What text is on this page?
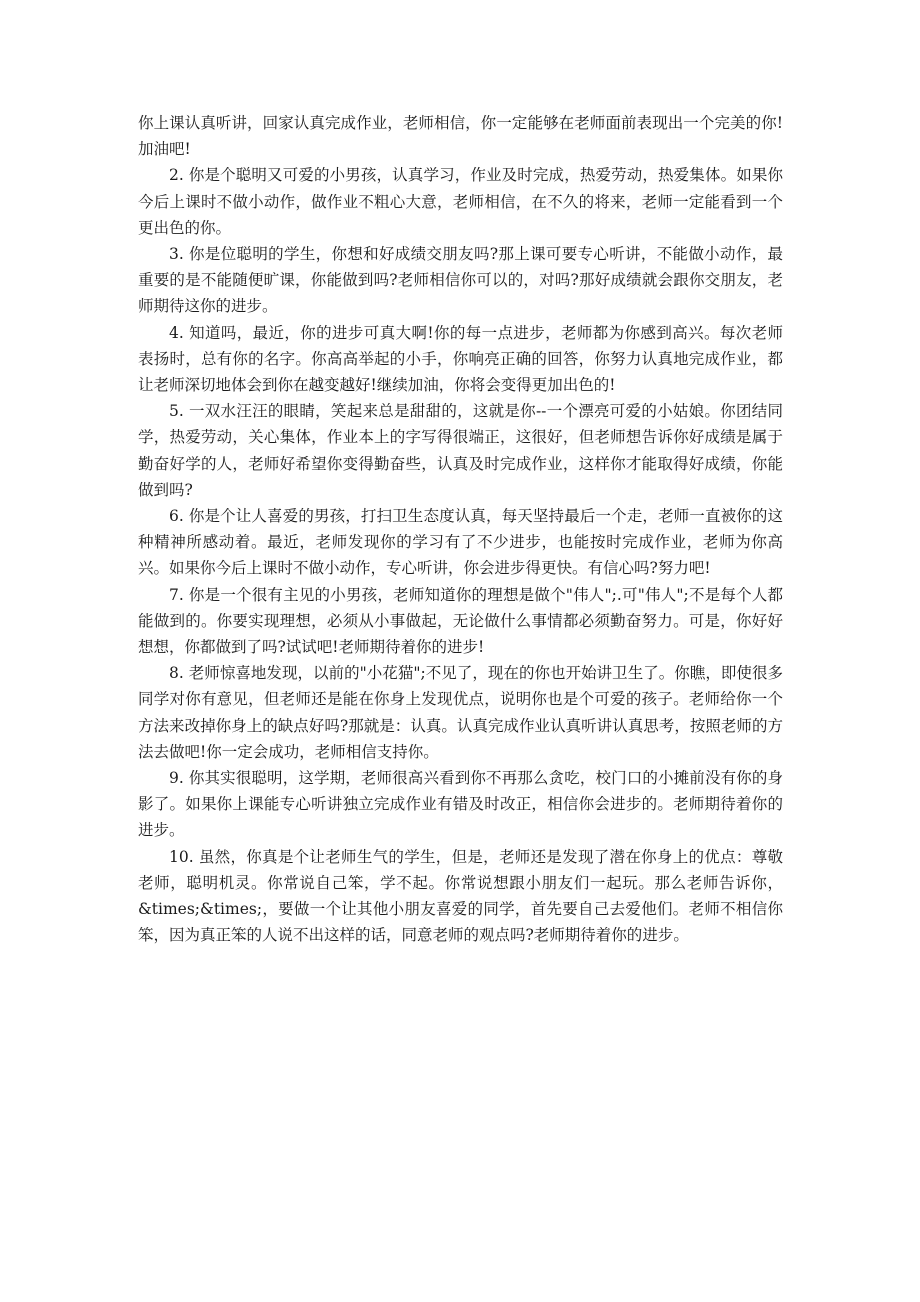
你上课认真听讲，回家认真完成作业，老师相信，你一定能够在老师面前表现出一个完美的你!加油吧!

2. 你是个聪明又可爱的小男孩，认真学习，作业及时完成，热爱劳动，热爱集体。如果你今后上课时不做小动作，做作业不粗心大意，老师相信，在不久的将来，老师一定能看到一个更出色的你。

3. 你是位聪明的学生，你想和好成绩交朋友吗?那上课可要专心听讲，不能做小动作，最重要的是不能随便旷课，你能做到吗?老师相信你可以的，对吗?那好成绩就会跟你交朋友，老师期待这你的进步。

4. 知道吗，最近，你的进步可真大啊!你的每一点进步，老师都为你感到高兴。每次老师表扬时，总有你的名字。你高高举起的小手，你响亮正确的回答，你努力认真地完成作业，都让老师深切地体会到你在越变越好!继续加油，你将会变得更加出色的!

5. 一双水汪汪的眼睛，笑起来总是甜甜的，这就是你--一个漂亮可爱的小姑娘。你团结同学，热爱劳动，关心集体，作业本上的字写得很端正，这很好，但老师想告诉你好成绩是属于勤奋好学的人，老师好希望你变得勤奋些，认真及时完成作业，这样你才能取得好成绩，你能做到吗?

6. 你是个让人喜爱的男孩，打扫卫生态度认真，每天坚持最后一个走，老师一直被你的这种精神所感动着。最近，老师发现你的学习有了不少进步，也能按时完成作业，老师为你高兴。如果你今后上课时不做小动作，专心听讲，你会进步得更快。有信心吗?努力吧!

7. 你是一个很有主见的小男孩，老师知道你的理想是做个"伟人";.可"伟人";不是每个人都能做到的。你要实现理想，必须从小事做起，无论做什么事情都必须勤奋努力。可是，你好好想想，你都做到了吗?试试吧!老师期待着你的进步!

8. 老师惊喜地发现，以前的"小花猫";不见了，现在的你也开始讲卫生了。你瞧，即使很多同学对你有意见，但老师还是能在你身上发现优点，说明你也是个可爱的孩子。老师给你一个方法来改掉你身上的缺点好吗?那就是：认真。认真完成作业认真听讲认真思考，按照老师的方法去做吧!你一定会成功，老师相信支持你。

9. 你其实很聪明，这学期，老师很高兴看到你不再那么贪吃，校门口的小摊前没有你的身影了。如果你上课能专心听讲独立完成作业有错及时改正，相信你会进步的。老师期待着你的进步。

10. 虽然，你真是个让老师生气的学生，但是，老师还是发现了潜在你身上的优点：尊敬老师，聪明机灵。你常说自己笨，学不起。你常说想跟小朋友们一起玩。那么老师告诉你，&times;&times;，要做一个让其他小朋友喜爱的同学，首先要自己去爱他们。老师不相信你笨，因为真正笨的人说不出这样的话，同意老师的观点吗?老师期待着你的进步。
